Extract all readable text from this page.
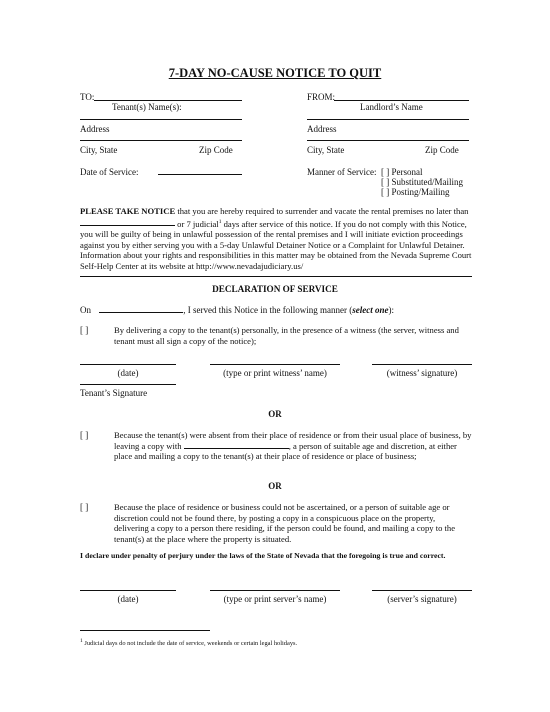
7-DAY NO-CAUSE NOTICE TO QUIT
TO:
Tenant(s) Name(s):
Address
City, State	Zip Code
Date of Service:
FROM:
Landlord’s Name
Address
City, State	Zip Code
Manner of Service: [ ] Personal
[ ] Substituted/Mailing
[ ] Posting/Mailing
PLEASE TAKE NOTICE that you are hereby required to surrender and vacate the rental premises no later than  or 7 judicial$^1$ days after service of this notice. If you do not comply with this Notice, you will be guilty of being in unlawful possession of the rental premises and I will initiate eviction proceedings against you by either serving you with a 5-day Unlawful Detainer Notice or a Complaint for Unlawful Detainer. Information about your rights and responsibilities in this matter may be obtained from the Nevada Supreme Court Self-Help Center at its website at http://www.nevadajudiciary.us/
DECLARATION OF SERVICE
On	, I served this Notice in the following manner (select one):
[ ]	By delivering a copy to the tenant(s) personally, in the presence of a witness (the server, witness and tenant must all sign a copy of the notice);
(date)	(type or print witness’ name)	(witness’ signature)
Tenant’s Signature
OR
[ ]	Because the tenant(s) were absent from their place of residence or from their usual place of business, by leaving a copy with	, a person of suitable age and discretion, at either place and mailing a copy to the tenant(s) at their place of residence or place of business;
OR
[ ]	Because the place of residence or business could not be ascertained, or a person of suitable age or discretion could not be found there, by posting a copy in a conspicuous place on the property, delivering a copy to a person there residing, if the person could be found, and mailing a copy to the tenant(s) at the place where the property is situated.
I declare under penalty of perjury under the laws of the State of Nevada that the foregoing is true and correct.
(date)	(type or print server’s name)	(server’s signature)
1 Judicial days do not include the date of service, weekends or certain legal holidays.
